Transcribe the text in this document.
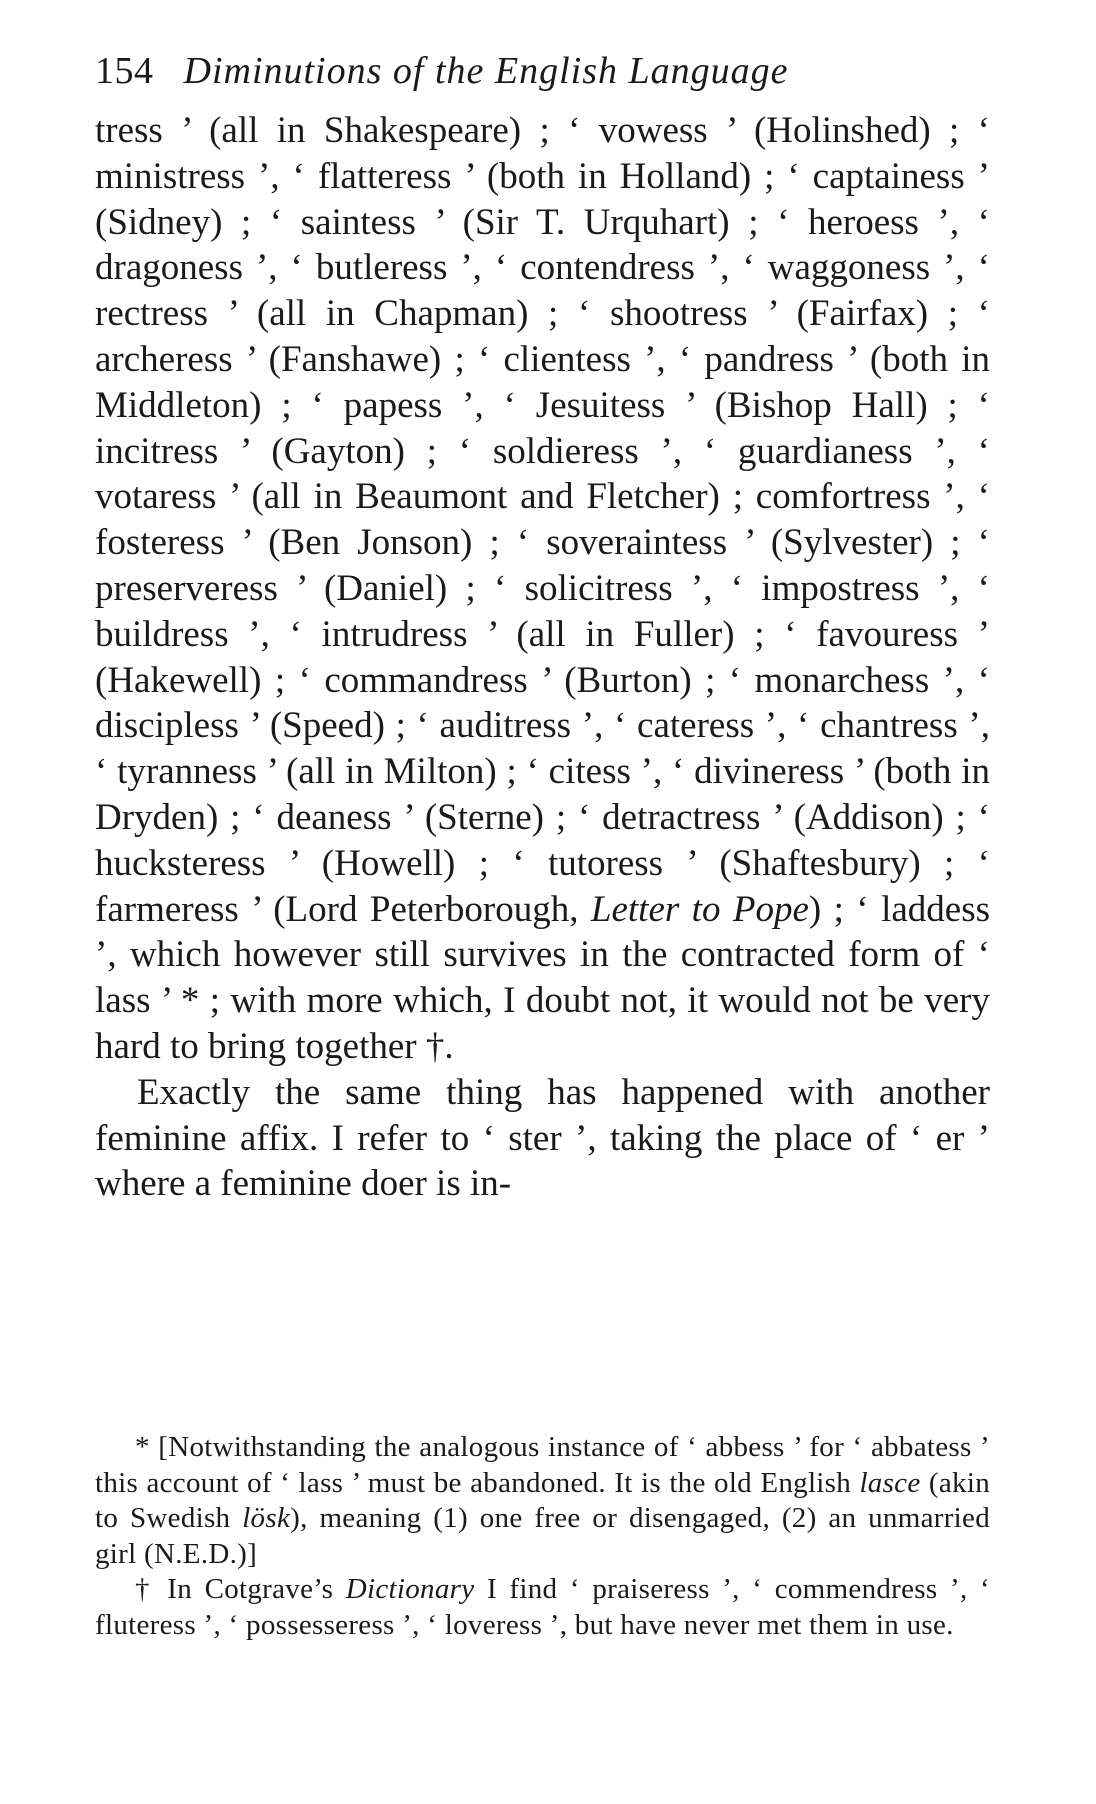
154 Diminutions of the English Language

tress ’ (all in Shakespeare) ; ‘ vowess ’ (Holinshed) ; ‘ ministress ’, ‘ flatteress ’ (both in Holland) ; ‘ captainess ’ (Sidney) ; ‘ saintess ’ (Sir T. Urquhart) ; ‘ heroess ’, ‘ dragoness ’, ‘ butleress ’, ‘ contendress ’, ‘ waggoness ’, ‘ rectress ’ (all in Chapman) ; ‘ shootress ’ (Fairfax) ; ‘ archeress ’ (Fanshawe) ; ‘ clientess ’, ‘ pandress ’ (both in Middleton) ; ‘ papess ’, ‘ Jesuitess ’ (Bishop Hall) ; ‘ incitress ’ (Gayton) ; ‘ soldieress ’, ‘ guardianess ’, ‘ votaress ’ (all in Beaumont and Fletcher) ; comfortress ’, ‘ fosteress ’ (Ben Jonson) ; ‘ soveraintess ’ (Sylvester) ; ‘ preserveress ’ (Daniel) ; ‘ solicitress ’, ‘ impostress ’, ‘ buildress ’, ‘ intrudress ’ (all in Fuller) ; ‘ favouress ’ (Hakewell) ; ‘ commandress ’ (Burton) ; ‘ monarchess ’, ‘ discipless ’ (Speed) ; ‘ auditress ’, ‘ cateress ’, ‘ chantress ’, ‘ tyranness ’ (all in Milton) ; ‘ citess ’, ‘ divineress ’ (both in Dryden) ; ‘ deaness ’ (Sterne) ; ‘ detractress ’ (Addison) ; ‘ hucksteress ’ (Howell) ; ‘ tutoress ’ (Shaftesbury) ; ‘ farmeress ’ (Lord Peterborough, Letter to Pope) ; ‘ laddess ’, which however still survives in the contracted form of ‘ lass ’ * ; with more which, I doubt not, it would not be very hard to bring together †.

Exactly the same thing has happened with another feminine affix. I refer to ‘ ster ’, taking the place of ‘ er ’ where a feminine doer is in-

* [Notwithstanding the analogous instance of ‘ abbess ’ for ‘ abbatess ’ this account of ‘ lass ’ must be abandoned. It is the old English lasce (akin to Swedish lösk), meaning (1) one free or disengaged, (2) an unmarried girl (N.E.D.)]

† In Cotgrave’s Dictionary I find ‘ praiseress ’, ‘ commendress ’, ‘ fluteress ’, ‘ possesseress ’, ‘ loveress ’, but have never met them in use.
